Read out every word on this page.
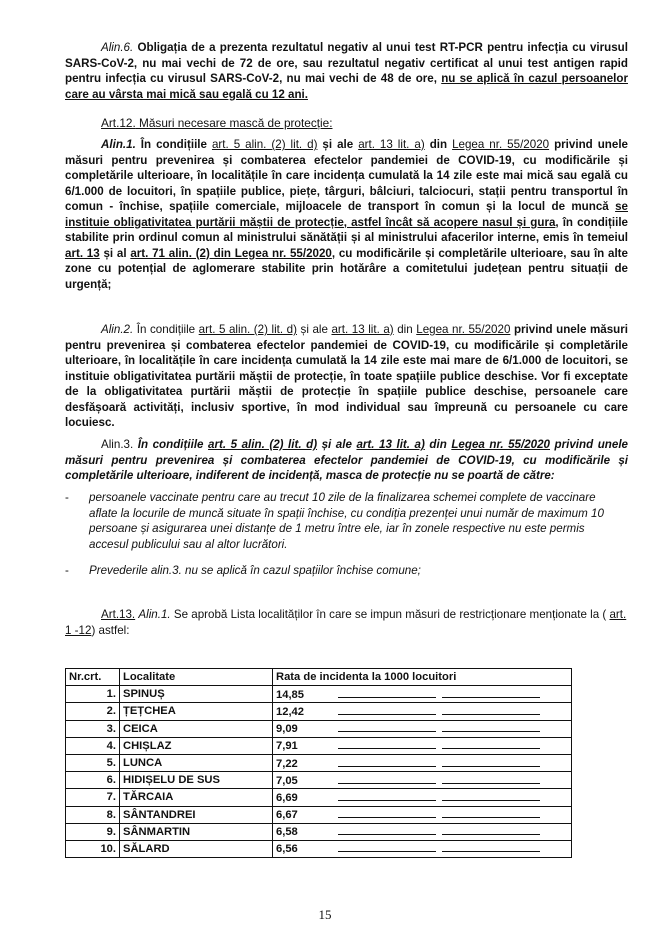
Alin.6. Obligația de a prezenta rezultatul negativ al unui test RT-PCR pentru infecția cu virusul SARS-CoV-2, nu mai vechi de 72 de ore, sau rezultatul negativ certificat al unui test antigen rapid pentru infecția cu virusul SARS-CoV-2, nu mai vechi de 48 de ore, nu se aplică în cazul persoanelor care au vârsta mai mică sau egală cu 12 ani.

Art.12. Măsuri necesare mască de protecție:

Alin.1. În condițiile art. 5 alin. (2) lit. d) și ale art. 13 lit. a) din Legea nr. 55/2020 privind unele măsuri pentru prevenirea și combaterea efectelor pandemiei de COVID-19, cu modificările și completările ulterioare, în localitățile în care incidența cumulată la 14 zile este mai mică sau egală cu 6/1.000 de locuitori, în spațiile publice, piețe, târguri, bâlciuri, talciocuri, stații pentru transportul în comun - închise, spațiile comerciale, mijloacele de transport în comun și la locul de muncă se instituie obligativitatea purtării măștii de protecție, astfel încât să acopere nasul și gura, în condițiile stabilite prin ordinul comun al ministrului sănătății și al ministrului afacerilor interne, emis în temeiul art. 13 și al art. 71 alin. (2) din Legea nr. 55/2020, cu modificările și completările ulterioare, sau în alte zone cu potențial de aglomerare stabilite prin hotărâre a comitetului județean pentru situații de urgență;

Alin.2. În condițiile art. 5 alin. (2) lit. d) și ale art. 13 lit. a) din Legea nr. 55/2020 privind unele măsuri pentru prevenirea și combaterea efectelor pandemiei de COVID-19, cu modificările și completările ulterioare, în localitățile în care incidența cumulată la 14 zile este mai mare de 6/1.000 de locuitori, se instituie obligativitatea purtării măștii de protecție, în toate spațiile publice deschise. Vor fi exceptate de la obligativitatea purtării măștii de protecție în spațiile publice deschise, persoanele care desfășoară activități, inclusiv sportive, în mod individual sau împreună cu persoanele cu care locuiesc.

Alin.3. În condițiile art. 5 alin. (2) lit. d) și ale art. 13 lit. a) din Legea nr. 55/2020 privind unele măsuri pentru prevenirea și combaterea efectelor pandemiei de COVID-19, cu modificările și completările ulterioare, indiferent de incidență, masca de protecție nu se poartă de către:

- persoanele vaccinate pentru care au trecut 10 zile de la finalizarea schemei complete de vaccinare aflate la locurile de muncă situate în spații închise, cu condiția prezenței unui număr de maximum 10 persoane și asigurarea unei distanțe de 1 metru între ele, iar în zonele respective nu este permis accesul publicului sau al altor lucrători.

- Prevederile alin.3. nu se aplică în cazul spațiilor închise comune;

Art.13. Alin.1. Se aprobă Lista localităților în care se impun măsuri de restricționare menționate la ( art. 1 -12) astfel:

Nr.crt.	Localitate	Rata de incidenta la 1000 locuitori
1.	SPINUȘ	14,85
2.	ȚEȚCHEA	12,42
3.	CEICA	9,09
4.	CHIȘLAZ	7,91
5.	LUNCA	7,22
6.	HIDIȘELU DE SUS	7,05
7.	TĂRCAIA	6,69
8.	SÂNTANDREI	6,67
9.	SÂNMARTIN	6,58
10.	SĂLARD	6,56
15
